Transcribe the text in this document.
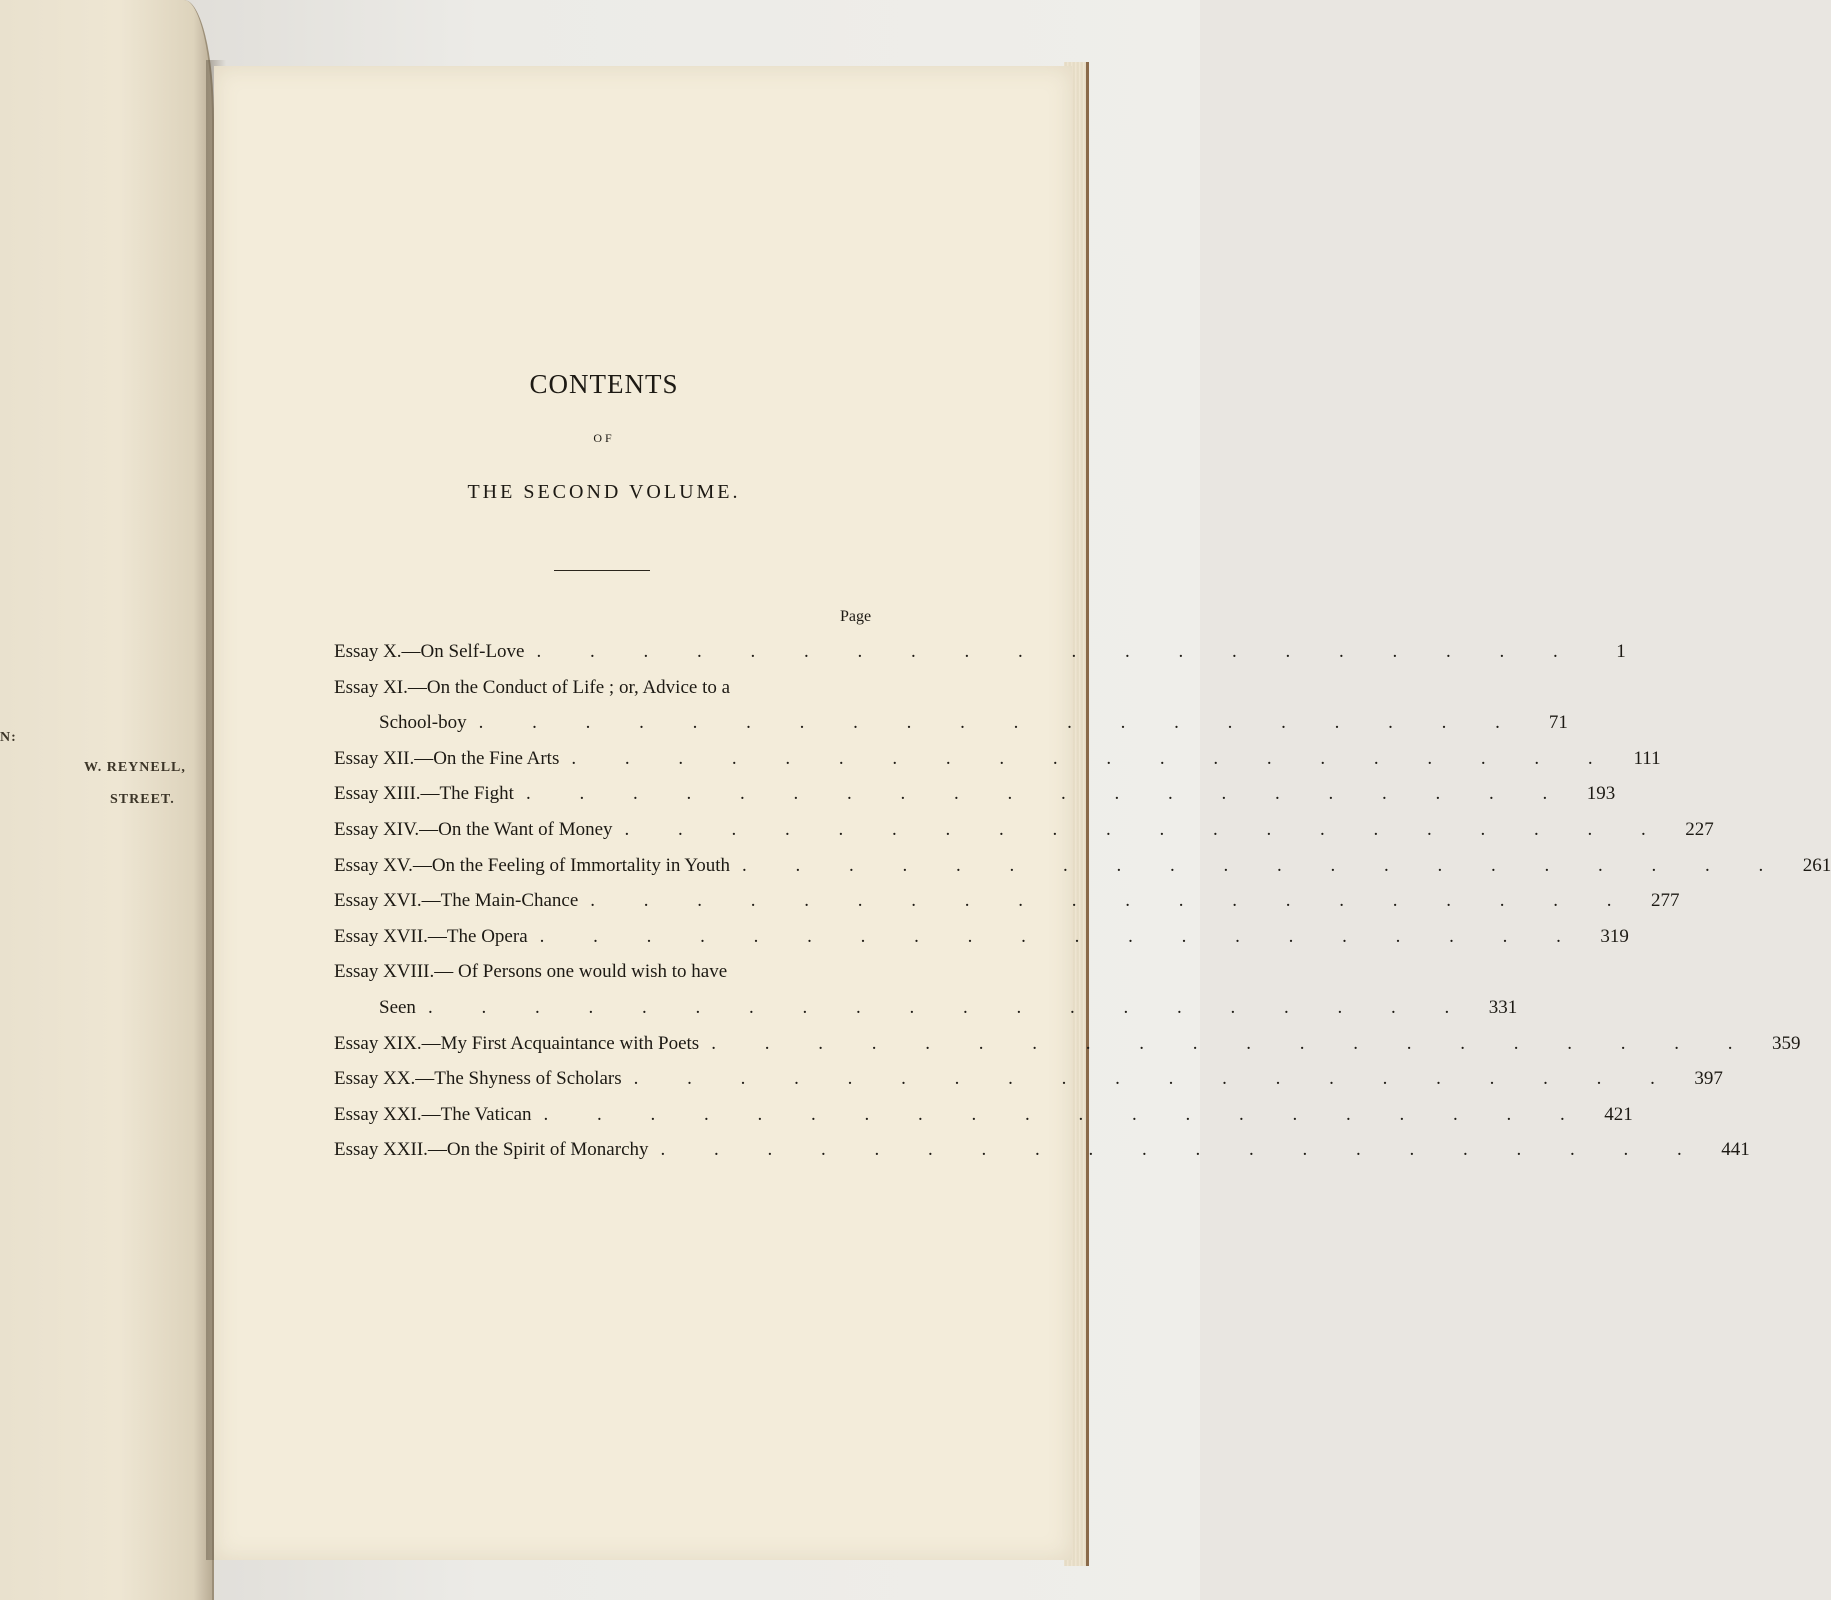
N:
W. REYNELL,
STREET.
CONTENTS
OF
THE SECOND VOLUME.
Page
Essay X.—On Self-Love . . . . . . . . . . . . . . . . . . . .	1
Essay XI.—On the Conduct of Life ; or, Advice to a
School-boy . . . . . . . . . . . . . . . . . . . .	71
Essay XII.—On the Fine Arts . . . . . . . . . . . . . . . . . . . . 111
Essay XIII.—The Fight . . . . . . . . . . . . . . . . . . . . 193
Essay XIV.—On the Want of Money . . . . . . . . . . . . . . . . . . . . 227
Essay XV.—On the Feeling of Immortality in Youth . . . . . . . . . . . . . . . . . . . . 261
Essay XVI.—The Main-Chance . . . . . . . . . . . . . . . . . . . . 277
Essay XVII.—The Opera . . . . . . . . . . . . . . . . . . . . 319
Essay XVIII.— Of Persons one would wish to have
Seen . . . . . . . . . . . . . . . . . . . . 331
Essay XIX.—My First Acquaintance with Poets . . . . . . . . . . . . . . . . . . . . 359
Essay XX.—The Shyness of Scholars . . . . . . . . . . . . . . . . . . . . 397
Essay XXI.—The Vatican . . . . . . . . . . . . . . . . . . . . 421
Essay XXII.—On the Spirit of Monarchy . . . . . . . . . . . . . . . . . . . . 441
